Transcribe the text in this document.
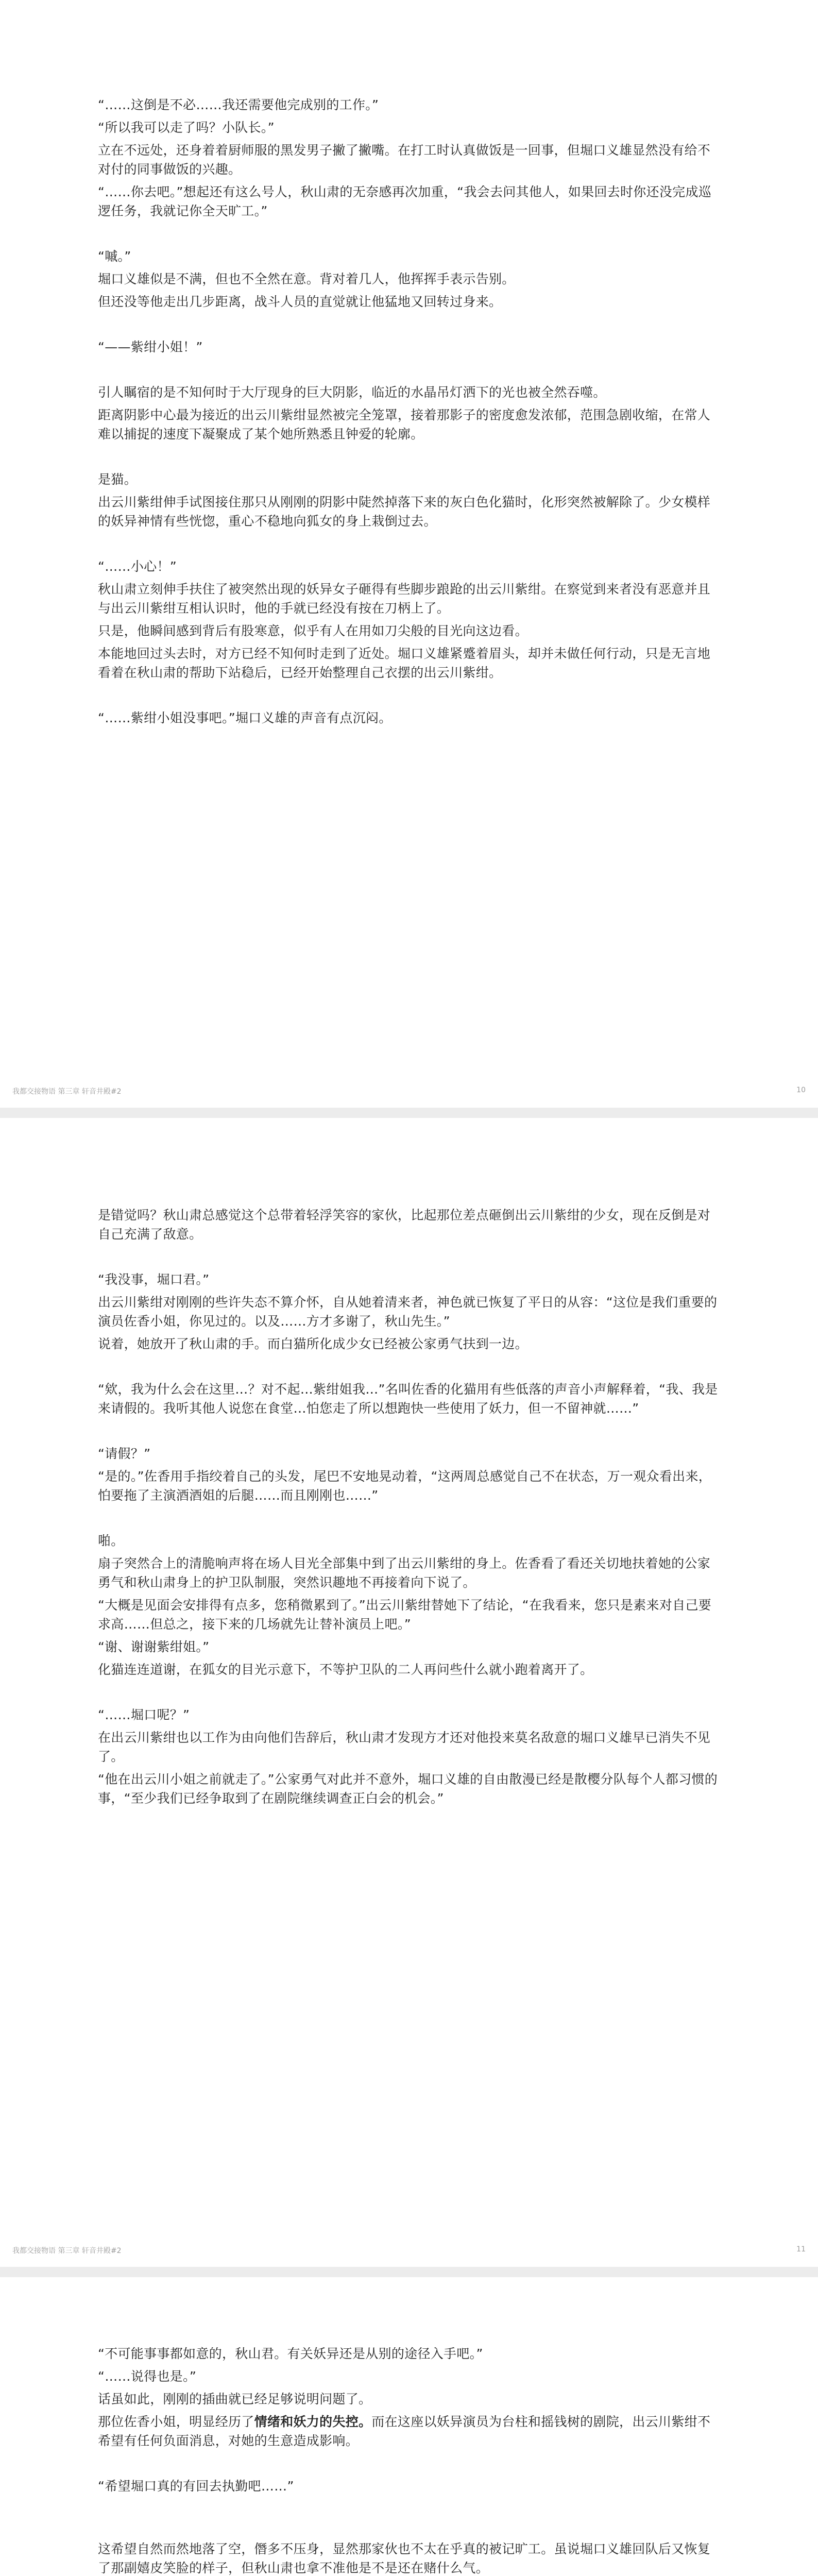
“……这倒是不必……我还需要他完成别的工作。”

“所以我可以走了吗？小队长。”

立在不远处，还身着着厨师服的黑发男子撇了撇嘴。在打工时认真做饭是一回事，但堀口义雄显然没有给不对付的同事做饭的兴趣。

“……你去吧。”想起还有这么号人，秋山肃的无奈感再次加重，“我会去问其他人，如果回去时你还没完成巡逻任务，我就记你全天旷工。”

“嘁。”

堀口义雄似是不满，但也不全然在意。背对着几人，他挥挥手表示告别。

但还没等他走出几步距离，战斗人员的直觉就让他猛地又回转过身来。

“——紫绀小姐！”

引人瞩宿的是不知何时于大厅现身的巨大阴影，临近的水晶吊灯洒下的光也被全然吞噬。

距离阴影中心最为接近的出云川紫绀显然被完全笼罩，接着那影子的密度愈发浓郁，范围急剧收缩，在常人难以捕捉的速度下凝聚成了某个她所熟悉且钟爱的轮廓。

是猫。

出云川紫绀伸手试图接住那只从刚刚的阴影中陡然掉落下来的灰白色化猫时，化形突然被解除了。少女模样的妖异神情有些恍惚，重心不稳地向狐女的身上栽倒过去。

“……小心！”

秋山肃立刻伸手扶住了被突然出现的妖异女子砸得有些脚步踉跄的出云川紫绀。在察觉到来者没有恶意并且与出云川紫绀互相认识时，他的手就已经没有按在刀柄上了。

只是，他瞬间感到背后有股寒意，似乎有人在用如刀尖般的目光向这边看。

本能地回过头去时，对方已经不知何时走到了近处。堀口义雄紧蹙着眉头，却并未做任何行动，只是无言地看着在秋山肃的帮助下站稳后，已经开始整理自己衣摆的出云川紫绀。

“……紫绀小姐没事吧。”堀口义雄的声音有点沉闷。

是错觉吗？秋山肃总感觉这个总带着轻浮笑容的家伙，比起那位差点砸倒出云川紫绀的少女，现在反倒是对自己充满了敌意。

“我没事，堀口君。”

出云川紫绀对刚刚的些许失态不算介怀，自从她着清来者，神色就已恢复了平日的从容：“这位是我们重要的演员佐香小姐，你见过的。以及……方才多谢了，秋山先生。”

说着，她放开了秋山肃的手。而白猫所化成少女已经被公家勇气扶到一边。

“欸，我为什么会在这里…？对不起…紫绀姐我…”名叫佐香的化猫用有些低落的声音小声解释着，“我、我是来请假的。我听其他人说您在食堂…怕您走了所以想跑快一些使用了妖力，但一不留神就……”

“请假？”

“是的。”佐香用手指绞着自己的头发，尾巴不安地晃动着，“这两周总感觉自己不在状态，万一观众看出来，怕要拖了主演酒酒姐的后腿……而且刚刚也……”

啪。

扇子突然合上的清脆响声将在场人目光全部集中到了出云川紫绀的身上。佐香看了看还关切地扶着她的公家勇气和秋山肃身上的护卫队制服，突然识趣地不再接着向下说了。

“大概是见面会安排得有点多，您稍微累到了。”出云川紫绀替她下了结论，“在我看来，您只是素来对自己要求高……但总之，接下来的几场就先让替补演员上吧。”

“谢、谢谢紫绀姐。”

化猫连连道谢，在狐女的目光示意下，不等护卫队的二人再问些什么就小跑着离开了。

“……堀口呢？”

在出云川紫绀也以工作为由向他们告辞后，秋山肃才发现方才还对他投来莫名敌意的堀口义雄早已消失不见了。

“他在出云川小姐之前就走了。”公家勇气对此并不意外，堀口义雄的自由散漫已经是散樱分队每个人都习惯的事，“至少我们已经争取到了在剧院继续调查正白会的机会。”

“不可能事事都如意的，秋山君。有关妖异还是从别的途径入手吧。”

“……说得也是。”

话虽如此，刚刚的插曲就已经足够说明问题了。

那位佐香小姐，明显经历了情绪和妖力的失控。而在这座以妖异演员为台柱和摇钱树的剧院，出云川紫绀不希望有任何负面消息，对她的生意造成影响。

“希望堀口真的有回去执勤吧……”

这希望自然而然地落了空，僭多不压身，显然那家伙也不太在乎真的被记旷工。虽说堀口义雄回队后又恢复了那副嬉皮笑脸的样子，但秋山肃也拿不准他是不是还在赌什么气。

我都交接物语 第三章 轩音井殿#2	10
我都交接物语 第三章 轩音井殿#2	11
